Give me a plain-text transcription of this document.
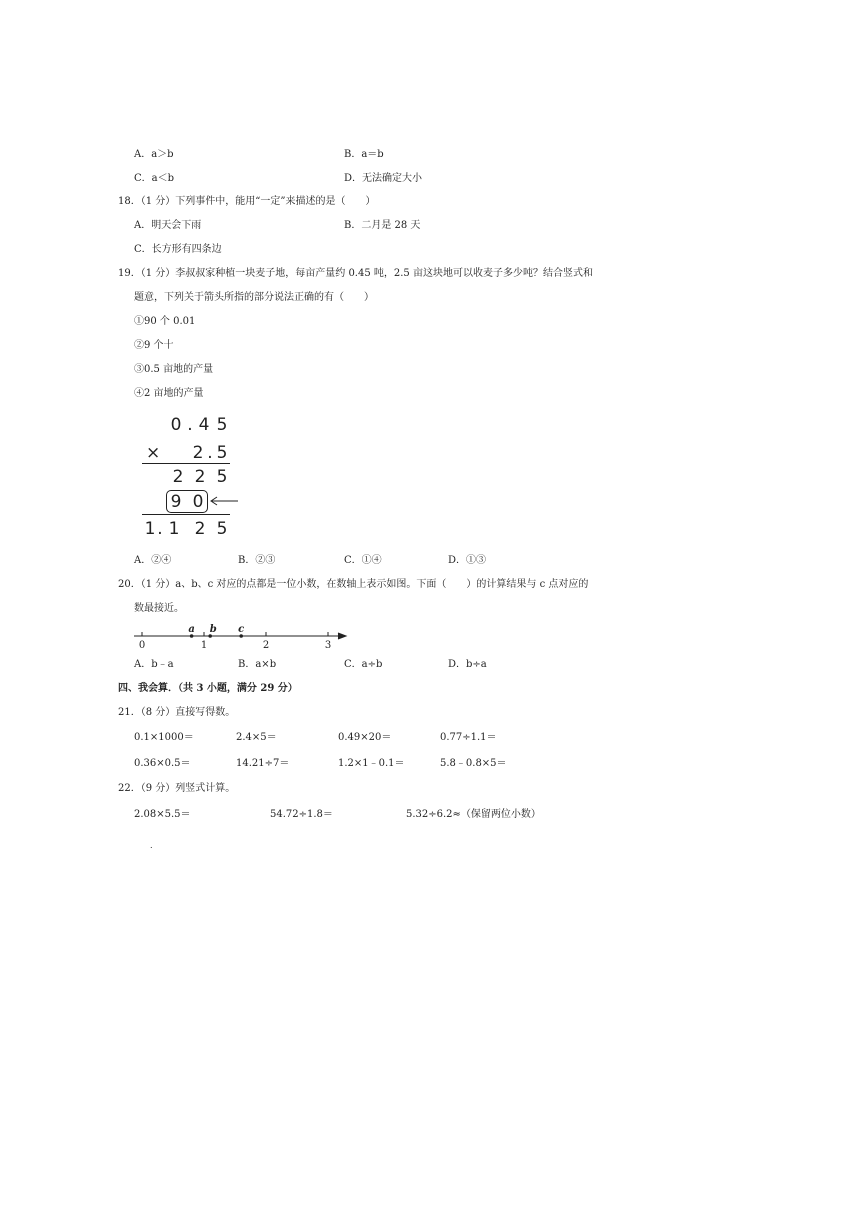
A．a＞b	B．a＝b
C．a＜b	D．无法确定大小
18．（1 分）下列事件中，能用“一定”来描述的是（　　）
A．明天会下雨	B．二月是 28 天
C．长方形有四条边
19．（1 分）李叔叔家种植一块麦子地，每亩产量约 0.45 吨，2.5 亩这块地可以收麦子多少吨？结合竖式和
题意，下列关于箭头所指的部分说法正确的有（　　）
①90 个 0.01
②9 个十
③0.5 亩地的产量
④2 亩地的产量
0 . 4 5
× 2 . 5
2 2 5
9 0
1 . 1 2 5
A．②④	B．②③	C．①④	D．①③
20．（1 分）a、b、c 对应的点都是一位小数，在数轴上表示如图。下面（　　）的计算结果与 c 点对应的
数最接近。
0	1	2	3
a b c
A．b﹣a	B．a×b	C．a÷b	D．b÷a
四、我会算．（共 3 小题，满分 29 分）
21．（8 分）直接写得数。
0.1×1000＝	2.4×5＝	0.49×20＝	0.77÷1.1＝
0.36×0.5＝	14.21÷7＝	1.2×1﹣0.1＝	5.8﹣0.8×5＝
22．（9 分）列竖式计算。
2.08×5.5＝	54.72÷1.8＝	5.32÷6.2≈（保留两位小数）
.
